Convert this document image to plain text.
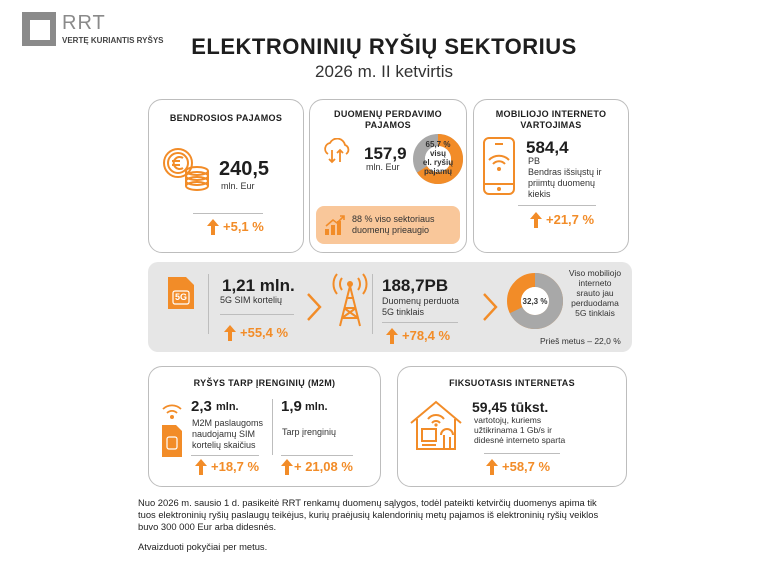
RRT
VERTĘ KURIANTIS RYŠYS	ELEKTRONINIŲ RYŠIŲ SEKTORIUS
2026 m. II ketvirtis
BENDROSIOS PAJAMOS
240,5
mln. Eur
+5,1 %
DUOMENŲ PERDAVIMO
PAJAMOS
157,9
mln. Eur
65,7 %
visų
el. ryšių
pajamų
88 % viso sektoriaus
duomenų prieaugio
MOBILIOJO INTERNETO
VARTOJIMAS
584,4
PB
Bendras išsiųstų ir
priimtų duomenų
kiekis
+21,7 %
5G
1,21 mln.
5G SIM kortelių
+55,4 %
188,7PB
Duomenų perduota
5G tinklais
+78,4 %
32,3 %
Viso mobiliojo
interneto
srauto jau
perduodama
5G tinklais
Prieš metus – 22,0 %
RYŠYS TARP ĮRENGINIŲ (M2M)
2,3 mln.
M2M paslaugoms
naudojamų SIM
kortelių skaičius
+18,7 %
1,9 mln.
Tarp įrenginių
+ 21,08 %
FIKSUOTASIS INTERNETAS
59,45 tūkst.
vartotojų, kuriems
užtikrinama 1 Gb/s ir
didesnė interneto sparta
+58,7 %
Nuo 2026 m. sausio 1 d. pasikeitė RRT renkamų duomenų sąlygos, todėl pateikti ketvirčių duomenys apima tik
tuos elektroninių ryšių paslaugų teikėjus, kurių praėjusių kalendorinių metų pajamos iš elektroninių ryšių veiklos
buvo 300 000 Eur arba didesnės.
Atvaizduoti pokyčiai per metus.
